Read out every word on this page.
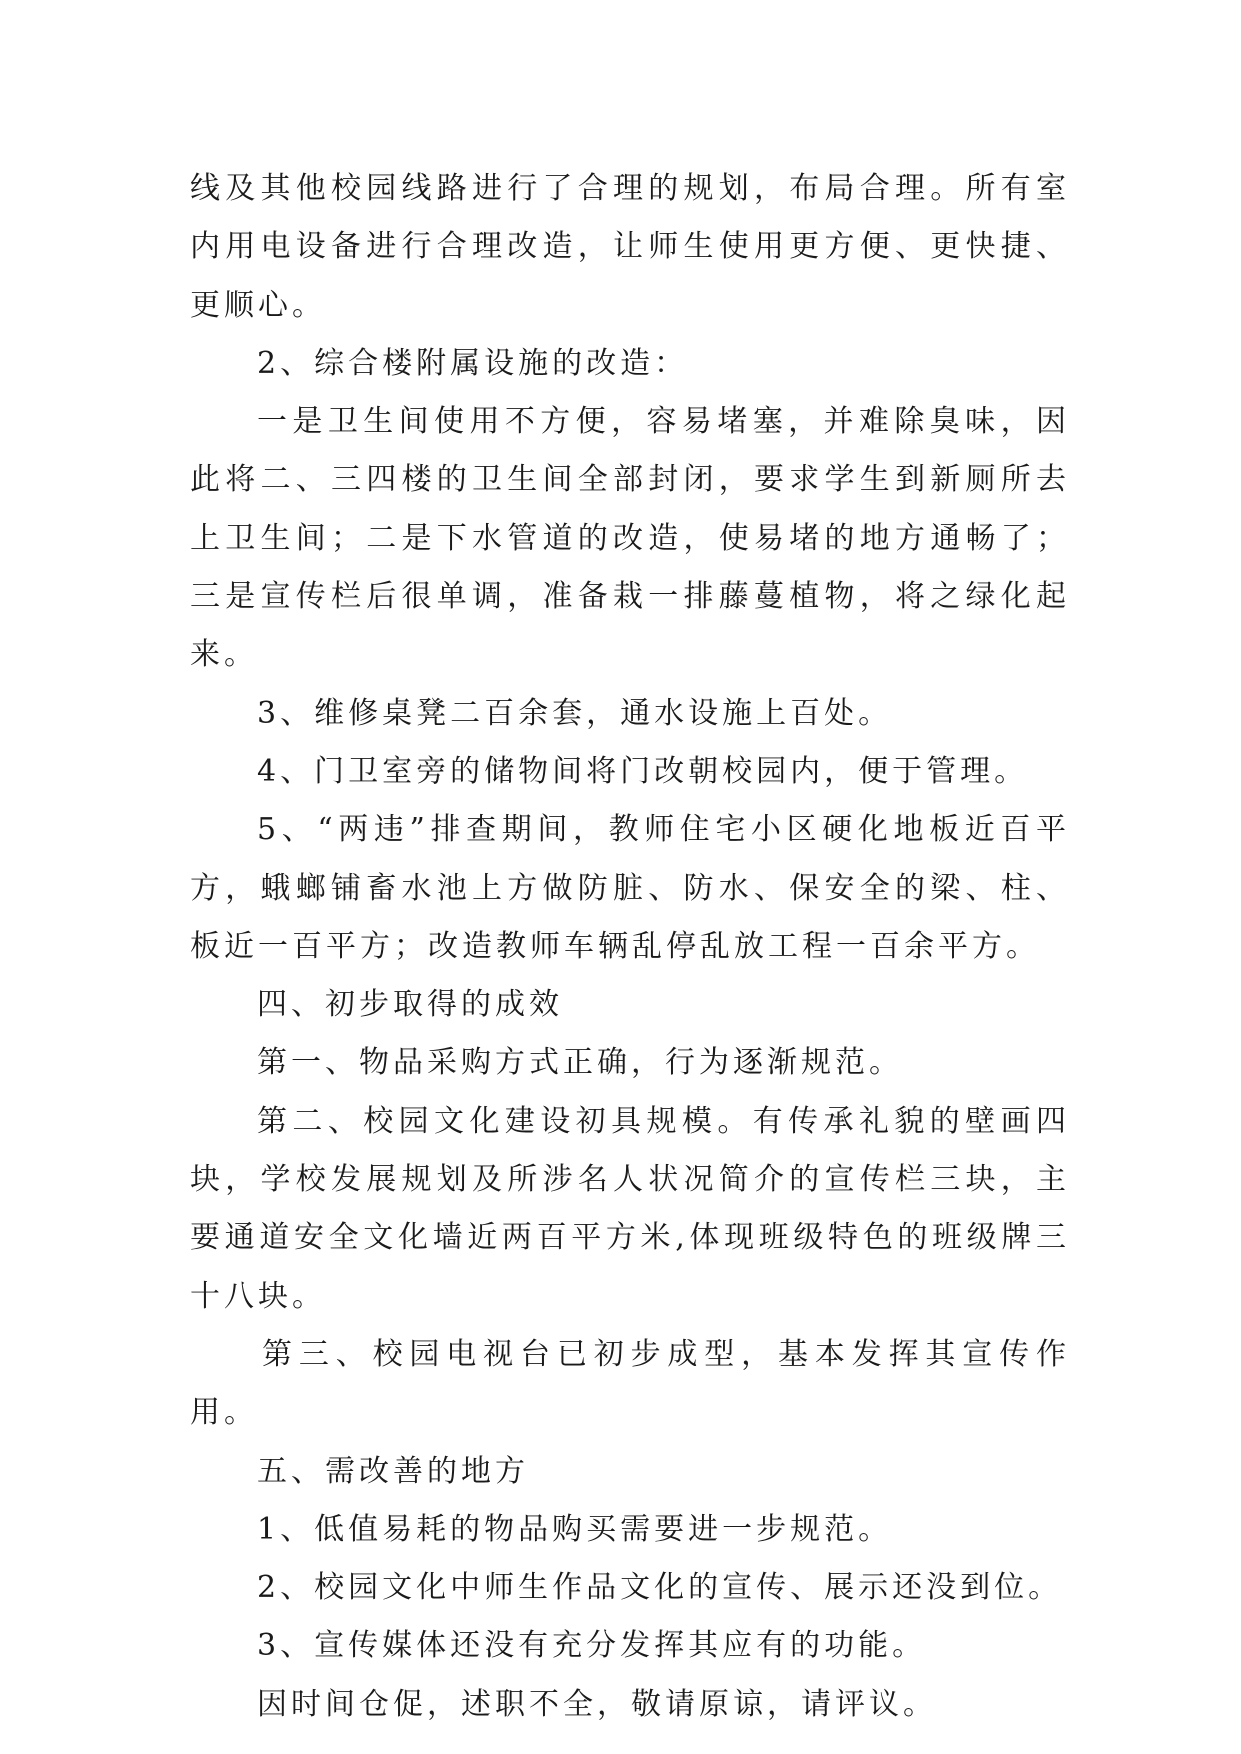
线及其他校园线路进行了合理的规划，布局合理。所有室内用电设备进行合理改造，让师生使用更方便、更快捷、更顺心。

2、综合楼附属设施的改造：

一是卫生间使用不方便，容易堵塞，并难除臭味，因此将二、三四楼的卫生间全部封闭，要求学生到新厕所去上卫生间；二是下水管道的改造，使易堵的地方通畅了；三是宣传栏后很单调，准备栽一排藤蔓植物，将之绿化起来。

3、维修桌凳二百余套，通水设施上百处。

4、门卫室旁的储物间将门改朝校园内，便于管理。

5、“两违”排查期间，教师住宅小区硬化地板近百平方，蛾螂铺畜水池上方做防脏、防水、保安全的梁、柱、板近一百平方；改造教师车辆乱停乱放工程一百余平方。

四、初步取得的成效

第一、物品采购方式正确，行为逐渐规范。

第二、校园文化建设初具规模。有传承礼貌的壁画四块，学校发展规划及所涉名人状况简介的宣传栏三块，主要通道安全文化墙近两百平方米,体现班级特色的班级牌三十八块。

第三、校园电视台已初步成型，基本发挥其宣传作用。

五、需改善的地方

1、低值易耗的物品购买需要进一步规范。

2、校园文化中师生作品文化的宣传、展示还没到位。

3、宣传媒体还没有充分发挥其应有的功能。

因时间仓促，述职不全，敬请原谅，请评议。
